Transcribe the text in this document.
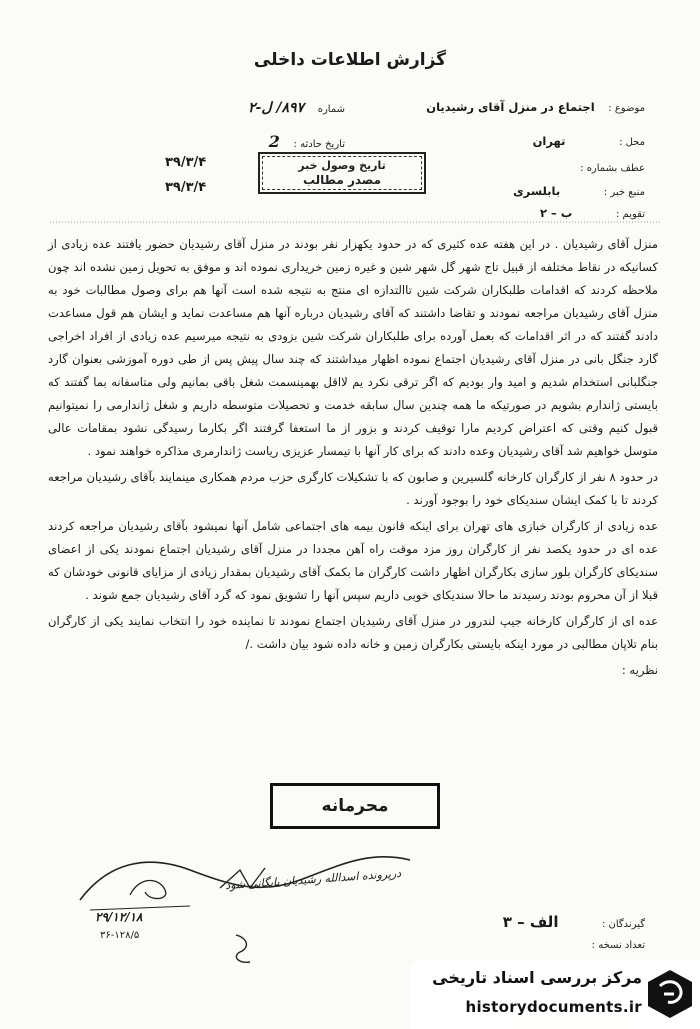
گزارش اطلاعات داخلی
موضوع : اجتماع در منزل آقای رشیدیان
شماره ۸۹۷/ ل-۲
محل : تهران
تاریخ حادثه : 2
عطف بشماره :
۳۹/۳/۴
منبع خبر : بابلسری
۳۹/۳/۴
تقویم : ب – ۲
تاریخ وصول خبر
مصدر مطالب

منزل آقای رشیدیان . در این هفته عده کثیری که در حدود یکهزار نفر بودند در منزل آقای رشیدیان حضور یافتند عده زیادی از کسانیکه در نقاط مختلفه از قبیل تاج شهر گل شهر شین و غیره زمین خریداری نموده اند و موفق به تحویل زمین نشده اند چون ملاحظه کردند که اقدامات طلبکاران شرکت شین تاالتدازه ای منتج به نتیجه شده است آنها هم برای وصول مطالبات خود به منزل آقای رشیدیان مراجعه نمودند و تقاضا داشتند که آقای رشیدیان درباره آنها هم مساعدت نماید و ایشان هم قول مساعدت دادند گفتند که در اثر اقدامات که بعمل آورده برای طلبکاران شرکت شین بزودی به نتیجه میرسیم عده زیادی از افراد اخراجی گارد جنگل بانی در منزل آقای رشیدیان اجتماع نموده اظهار میداشتند که چند سال پیش پس از طی دوره آموزشی بعنوان گارد جنگلبانی استخدام شدیم و امید وار بودیم که اگر ترقی نکرد یم لااقل بهمینسمت شغل باقی بمانیم ولی متاسفانه بما گفتند که بایستی ژاندارم بشویم در صورتیکه ما همه چندین سال سابقه خدمت و تحصیلات متوسطه داریم و شغل ژاندارمی را نمیتوانیم قبول کنیم وقتی که اعتراض کردیم مارا توقیف کردند و بزور از ما استعفا گرفتند اگر بکارما رسیدگی نشود بمقامات عالی متوسل خواهیم شد آقای رشیدیان وعده دادند که برای کار آنها با تیمسار عزیزی ریاست ژاندارمری مذاکره خواهند نمود .

در حدود ۸ نفر از کارگران کارخانه گلسیرین و صابون که با تشکیلات کارگری حزب مردم همکاری مینمایند بآقای رشیدیان مراجعه کردند تا با کمک ایشان سندیکای خود را بوجود آورند .

عده زیادی از کارگران خبازی های تهران برای اینکه قانون بیمه های اجتماعی شامل آنها نمیشود بآقای رشیدیان مراجعه کردند عده ای در حدود یکصد نفر از کارگران روز مزد موقت راه آهن مجددا در منزل آقای رشیدیان اجتماع نمودند یکی از اعضای سندیکای کارگران بلور سازی بکارگران اظهار داشت کارگران ما بکمک آقای رشیدیان بمقدار زیادی از مزایای قانونی خودشان که قبلا از آن محروم بودند رسیدند ما حالا سندیکای خوبی داریم سپس آنها را تشویق نمود که گرد آقای رشیدیان جمع شوند .

عده ای از کارگران کارخانه جیپ لندرور در منزل آقای رشیدیان اجتماع نمودند تا نماینده خود را انتخاب نمایند یکی از کارگران بنام تلاپان مطالبی در مورد اینکه بایستی بکارگران زمین و خانه داده شود بیان داشت ./

نظریه :

محرمانه
درپرونده اسدالله رشیدیان بایگانی شود
۲۹/۱۲/۱۸
۳۶-۱۲۸/۵
گیرندگان : الف – ۳
تعداد نسخه :
مرکز بررسی اسناد تاریخی
historydocuments.ir
